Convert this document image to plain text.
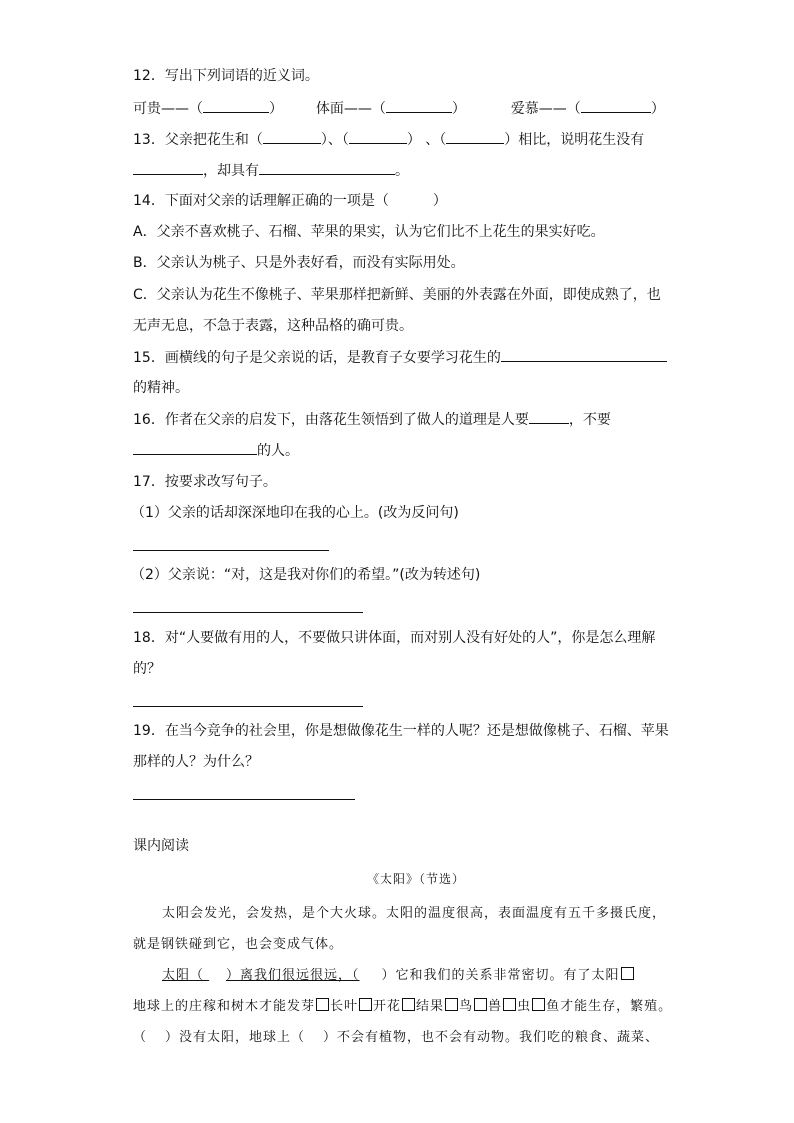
12．写出下列词语的近义词。
可贵——（	） 体面——（	）	爱慕——（	）
13．父亲把花生和（	）、（	） 、（	）相比，说明花生没有
，却具有	。
14．下面对父亲的话理解正确的一项是（	）
A．父亲不喜欢桃子、石榴、苹果的果实，认为它们比不上花生的果实好吃。
B．父亲认为桃子、只是外表好看，而没有实际用处。
C．父亲认为花生不像桃子、苹果那样把新鲜、美丽的外表露在外面，即使成熟了，也
无声无息，不急于表露，这种品格的确可贵。
15．画横线的句子是父亲说的话，是教育子女要学习花生的
的精神。
16．作者在父亲的启发下，由落花生领悟到了做人的道理是人要	，不要
的人。
17．按要求改写句子。
（1）父亲的话却深深地印在我的心上。(改为反问句)
（2）父亲说：“对，这是我对你们的希望。”(改为转述句)
18．对“人要做有用的人，不要做只讲体面，而对别人没有好处的人”，你是怎么理解
的？
19．在当今竞争的社会里，你是想做像花生一样的人呢？还是想做像桃子、石榴、苹果
那样的人？为什么？
课内阅读
《太阳》（节选）
太阳会发光，会发热，是个大火球。太阳的温度很高，表面温度有五千多摄氏度，
就是钢铁碰到它，也会变成气体。
太阳（ ）离我们很远很远，（ ）它和我们的关系非常密切。有了太阳
地球上的庄稼和树木才能发芽 长叶 开花 结果 鸟 兽 虫 鱼才能生存，繁殖。
（ ）没有太阳，地球上（ ）不会有植物，也不会有动物。我们吃的粮食、蔬菜、
